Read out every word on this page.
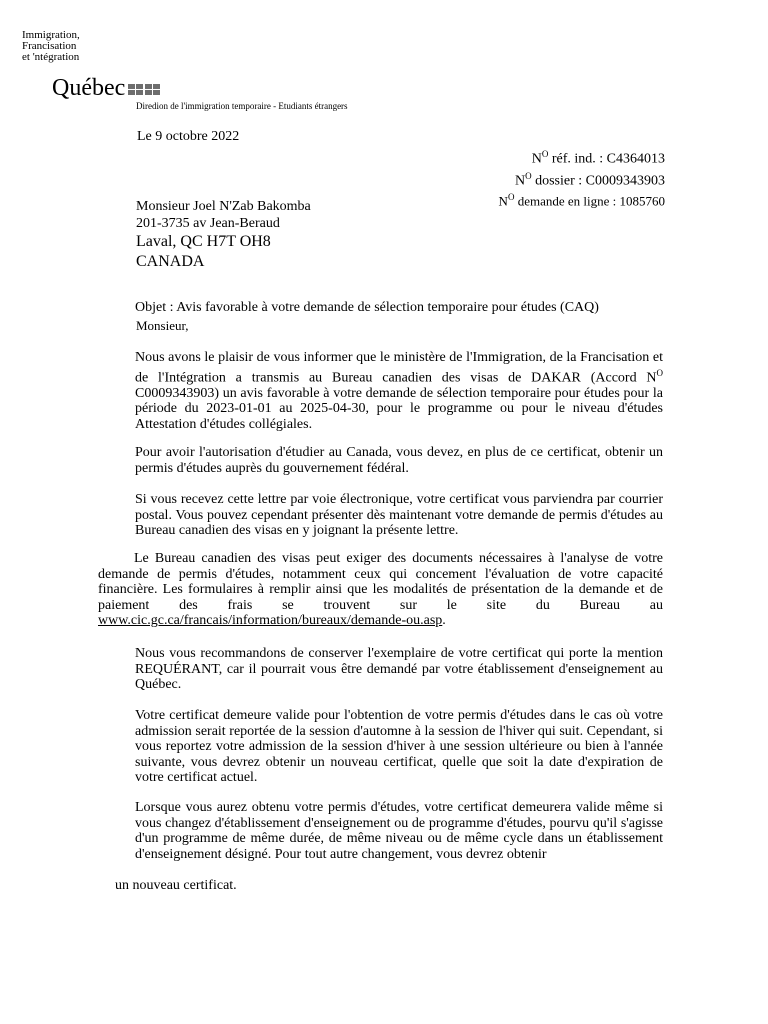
Immigration,
Francisation
et 'ntégration
Québec
Diredion de l'immigration temporaire - Etudiants étrangers
Le 9 octobre 2022
$N^O$ réf. ind. : C4364013
$N^O$ dossier : C0009343903
$N^O$ demande en ligne : 1085760
Monsieur Joel N'Zab Bakomba
201-3735 av Jean-Beraud
Laval, QC H7T OH8
CANADA
Objet : Avis favorable à votre demande de sélection temporaire pour études (CAQ)
Monsieur,
Nous avons le plaisir de vous informer que le ministère de l'Immigration, de la Francisation et de l'Intégration a transmis au Bureau canadien des visas de DAKAR (Accord $N^O$ C0009343903) un avis favorable à votre demande de sélection temporaire pour études pour la période du 2023-01-01 au 2025-04-30, pour le programme ou pour le niveau d'études Attestation d'études collégiales.
Pour avoir l'autorisation d'étudier au Canada, vous devez, en plus de ce certificat, obtenir un permis d'études auprès du gouvernement fédéral.
Si vous recevez cette lettre par voie électronique, votre certificat vous parviendra par courrier postal. Vous pouvez cependant présenter dès maintenant votre demande de permis d'études au Bureau canadien des visas en y joignant la présente lettre.
Le Bureau canadien des visas peut exiger des documents nécessaires à l'analyse de votre demande de permis d'études, notamment ceux qui concement l'évaluation de votre capacité financière. Les formulaires à remplir ainsi que les modalités de présentation de la demande et de paiement des frais se trouvent sur le site du Bureau au www.cic.gc.ca/francais/information/bureaux/demande-ou.asp.
Nous vous recommandons de conserver l'exemplaire de votre certificat qui porte la mention REQUÉRANT, car il pourrait vous être demandé par votre établissement d'enseignement au Québec.
Votre certificat demeure valide pour l'obtention de votre permis d'études dans le cas où votre admission serait reportée de la session d'automne à la session de l'hiver qui suit. Cependant, si vous reportez votre admission de la session d'hiver à une session ultérieure ou bien à l'année suivante, vous devrez obtenir un nouveau certificat, quelle que soit la date d'expiration de votre certificat actuel.
Lorsque vous aurez obtenu votre permis d'études, votre certificat demeurera valide même si vous changez d'établissement d'enseignement ou de programme d'études, pourvu qu'il s'agisse d'un programme de même durée, de même niveau ou de même cycle dans un établissement d'enseignement désigné. Pour tout autre changement, vous devrez obtenir
un nouveau certificat.
